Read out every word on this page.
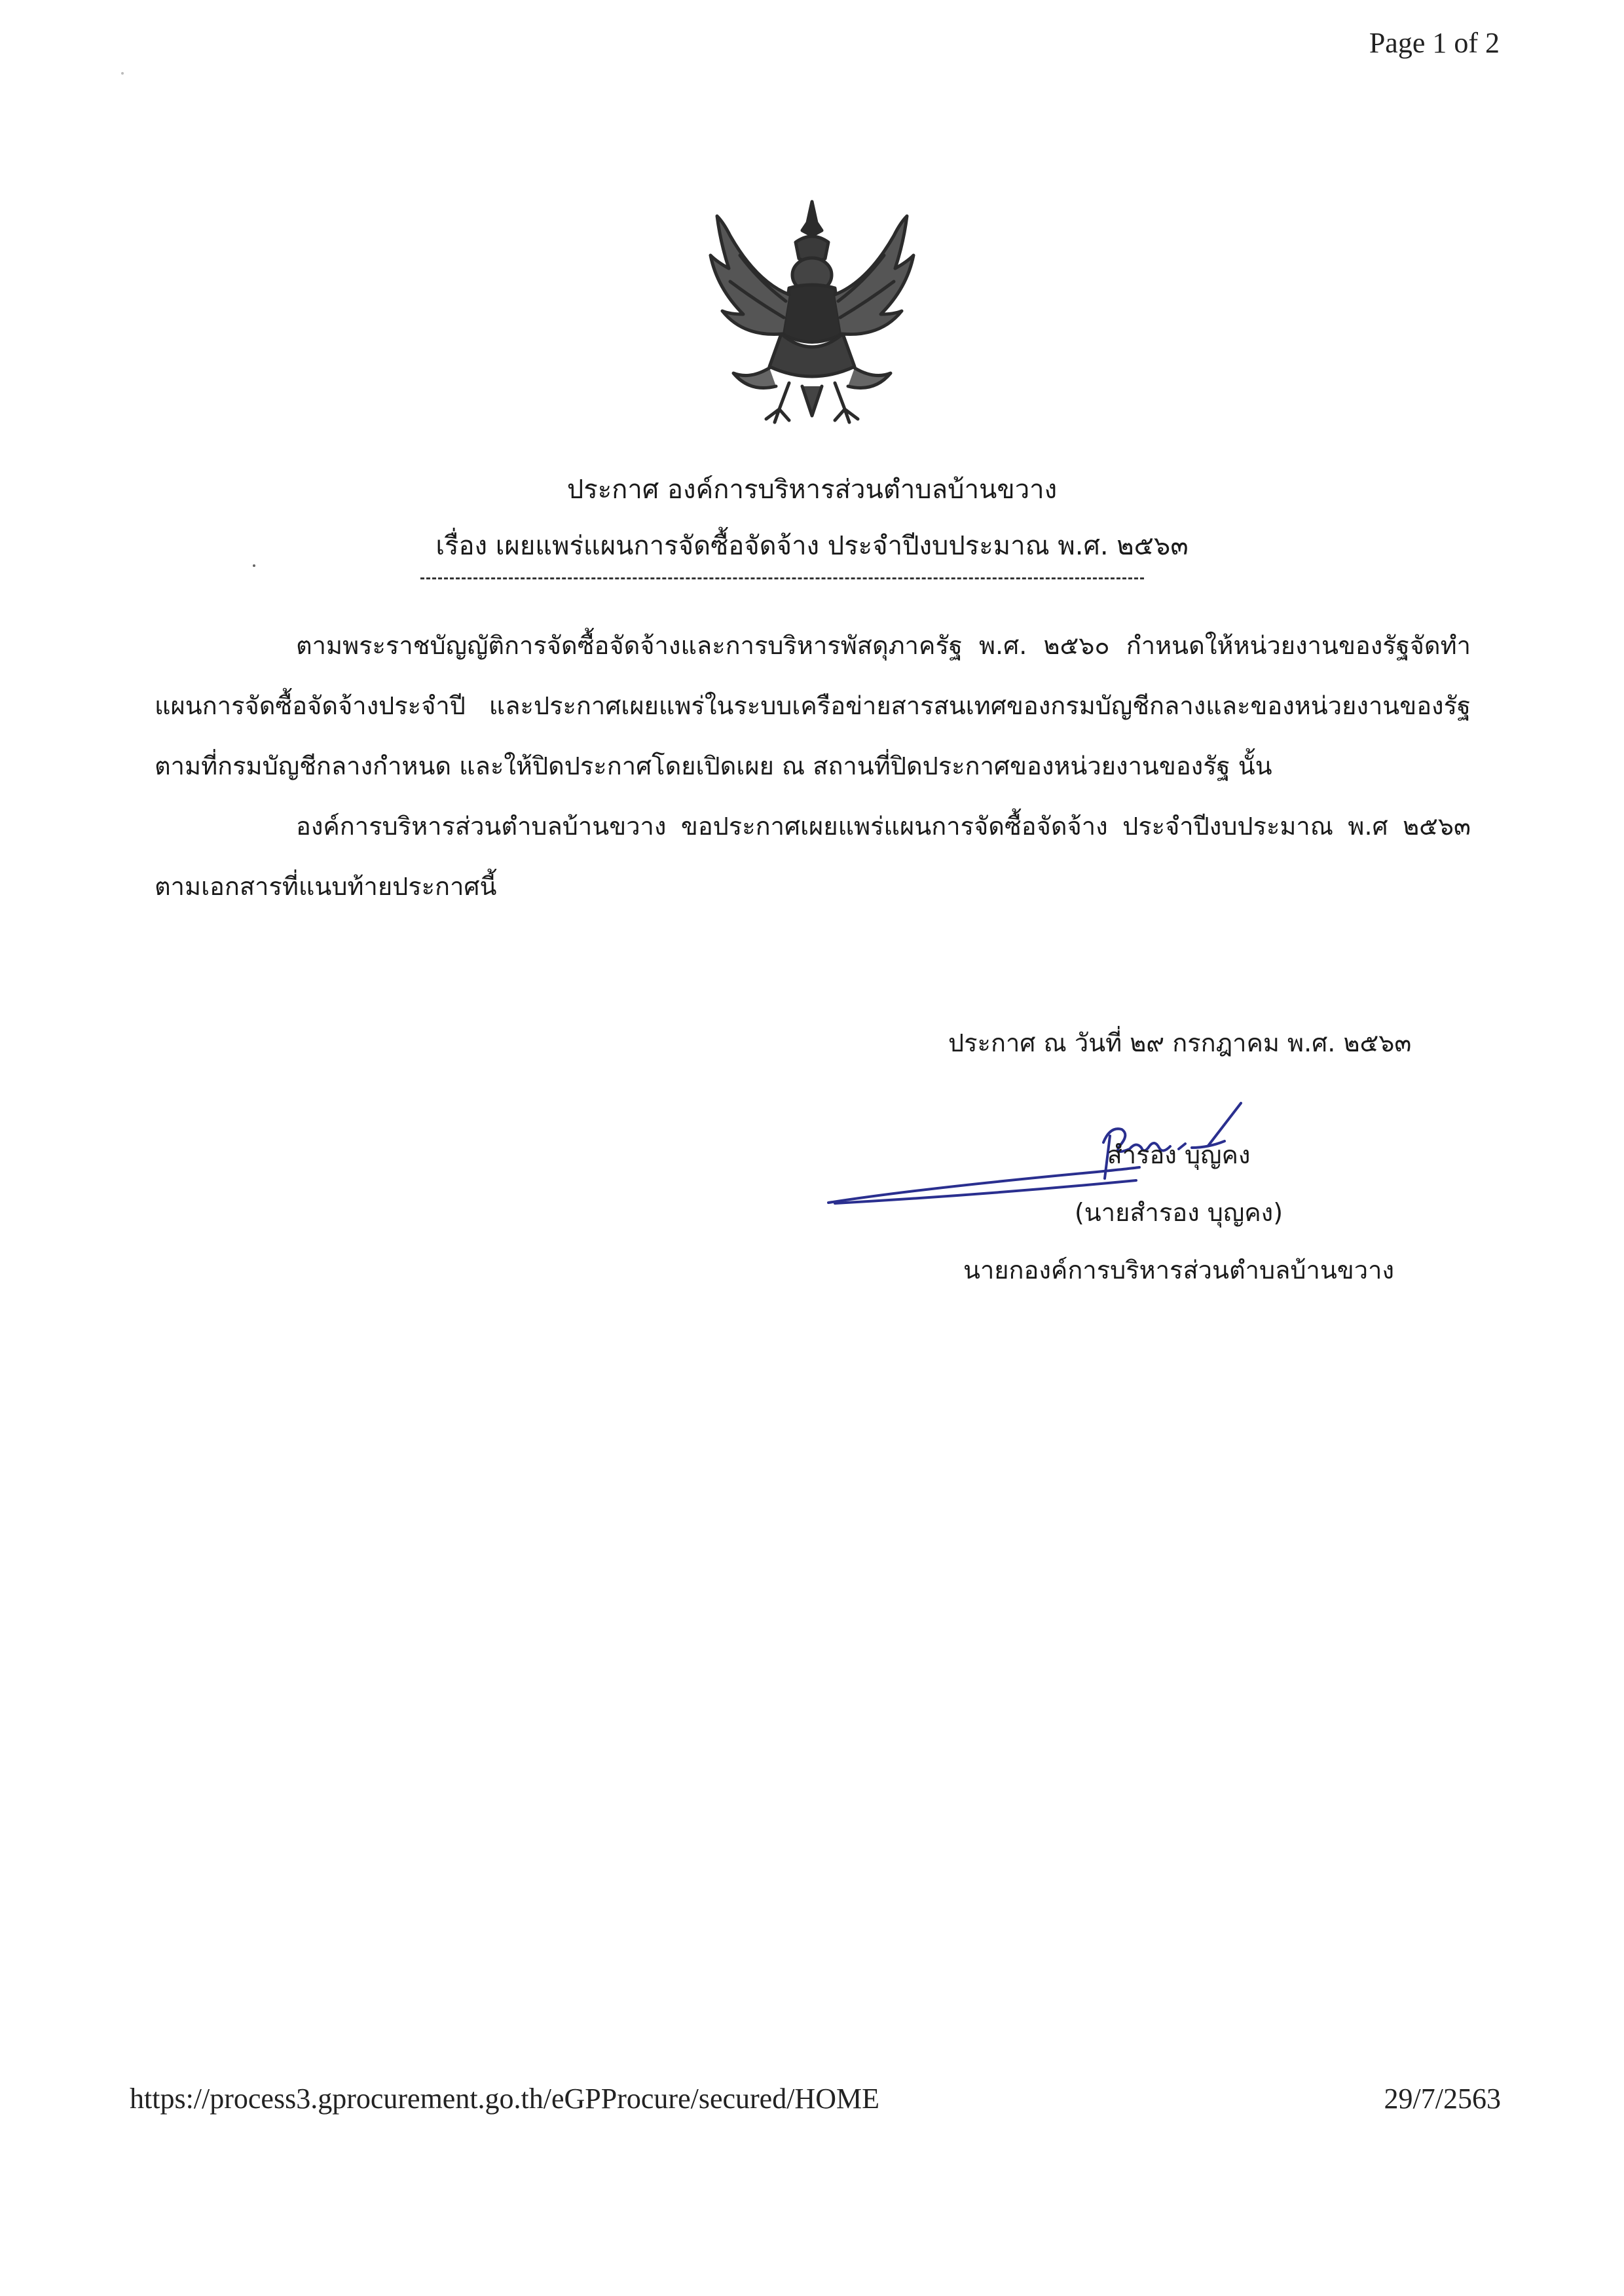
Page 1 of 2
ประกาศ องค์การบริหารส่วนตำบลบ้านขวาง
เรื่อง เผยแพร่แผนการจัดซื้อจัดจ้าง ประจำปีงบประมาณ พ.ศ. ๒๕๖๓

ตามพระราชบัญญัติการจัดซื้อจัดจ้างและการบริหารพัสดุภาครัฐ พ.ศ. ๒๕๖๐ กำหนดให้หน่วยงานของรัฐจัดทำแผนการจัดซื้อจัดจ้างประจำปี และประกาศเผยแพร่ในระบบเครือข่ายสารสนเทศของกรมบัญชีกลางและของหน่วยงานของรัฐตามที่กรมบัญชีกลางกำหนด และให้ปิดประกาศโดยเปิดเผย ณ สถานที่ปิดประกาศของหน่วยงานของรัฐ นั้น

องค์การบริหารส่วนตำบลบ้านขวาง ขอประกาศเผยแพร่แผนการจัดซื้อจัดจ้าง ประจำปีงบประมาณ พ.ศ ๒๕๖๓ ตามเอกสารที่แนบท้ายประกาศนี้

ประกาศ ณ วันที่ ๒๙ กรกฎาคม พ.ศ. ๒๕๖๓
สำรอง บุญคง
(นายสำรอง บุญคง)
นายกองค์การบริหารส่วนตำบลบ้านขวาง
https://process3.gprocurement.go.th/eGPProcure/secured/HOME	29/7/2563
